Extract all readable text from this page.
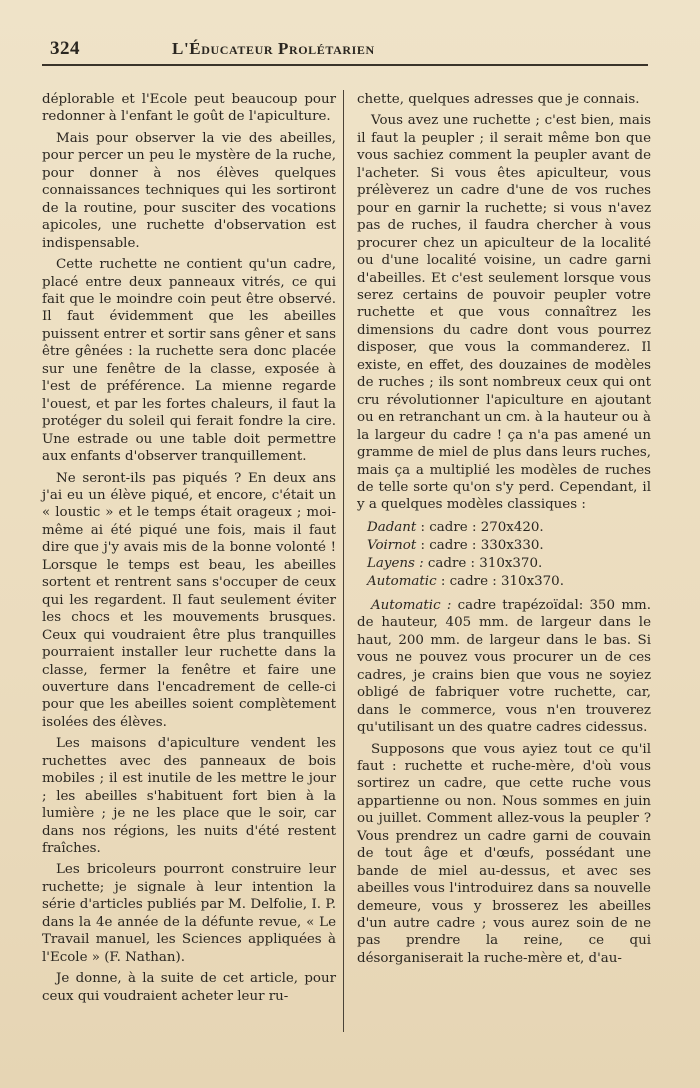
324	L'Éducateur Prolétarien

déplorable et l'Ecole peut beaucoup pour redonner à l'enfant le goût de l'apiculture.

Mais pour observer la vie des abeilles, pour percer un peu le mystère de la ruche, pour donner à nos élèves quelques connaissances techniques qui les sortiront de la routine, pour susciter des vocations apicoles, une ruchette d'observation est indispensable.

Cette ruchette ne contient qu'un cadre, placé entre deux panneaux vitrés, ce qui fait que le moindre coin peut être observé. Il faut évidemment que les abeilles puissent entrer et sortir sans gêner et sans être gênées : la ruchette sera donc placée sur une fenêtre de la classe, exposée à l'est de préférence. La mienne regarde l'ouest, et par les fortes chaleurs, il faut la protéger du soleil qui ferait fondre la cire. Une estrade ou une table doit permettre aux enfants d'observer tranquillement.

Ne seront-ils pas piqués ? En deux ans j'ai eu un élève piqué, et encore, c'était un « loustic » et le temps était orageux ; moi-même ai été piqué une fois, mais il faut dire que j'y avais mis de la bonne volonté ! Lorsque le temps est beau, les abeilles sortent et rentrent sans s'occuper de ceux qui les regardent. Il faut seulement éviter les chocs et les mouvements brusques. Ceux qui voudraient être plus tranquilles pourraient installer leur ruchette dans la classe, fermer la fenêtre et faire une ouverture dans l'encadrement de celle-ci pour que les abeilles soient complètement isolées des élèves.

Les maisons d'apiculture vendent les ruchettes avec des panneaux de bois mobiles ; il est inutile de les mettre le jour ; les abeilles s'habituent fort bien à la lumière ; je ne les place que le soir, car dans nos régions, les nuits d'été restent fraîches.

Les bricoleurs pourront construire leur ruchette; je signale à leur intention la série d'articles publiés par M. Delfolie, I. P. dans la 4e année de la défunte revue, « Le Travail manuel, les Sciences appliquées à l'Ecole » (F. Nathan).

Je donne, à la suite de cet article, pour ceux qui voudraient acheter leur ru-

chette, quelques adresses que je connais.

Vous avez une ruchette ; c'est bien, mais il faut la peupler ; il serait même bon que vous sachiez comment la peupler avant de l'acheter. Si vous êtes apiculteur, vous prélèverez un cadre d'une de vos ruches pour en garnir la ruchette; si vous n'avez pas de ruches, il faudra chercher à vous procurer chez un apiculteur de la localité ou d'une localité voisine, un cadre garni d'abeilles. Et c'est seulement lorsque vous serez certains de pouvoir peupler votre ruchette et que vous connaîtrez les dimensions du cadre dont vous pourrez disposer, que vous la commanderez. Il existe, en effet, des douzaines de modèles de ruches ; ils sont nombreux ceux qui ont cru révolutionner l'apiculture en ajoutant ou en retranchant un cm. à la hauteur ou à la largeur du cadre ! ça n'a pas amené un gramme de miel de plus dans leurs ruches, mais ça a multiplié les modèles de ruches de telle sorte qu'on s'y perd. Cependant, il y a quelques modèles classiques :

Dadant : cadre : 270x420.
Voirnot : cadre : 330x330.
Layens : cadre : 310x370.
Automatic : cadre : 310x370.

Automatic : cadre trapézoïdal: 350 mm. de hauteur, 405 mm. de largeur dans le haut, 200 mm. de largeur dans le bas. Si vous ne pouvez vous procurer un de ces cadres, je crains bien que vous ne soyiez obligé de fabriquer votre ruchette, car, dans le commerce, vous n'en trouverez qu'utilisant un des quatre cadres cidessus.

Supposons que vous ayiez tout ce qu'il faut : ruchette et ruche-mère, d'où vous sortirez un cadre, que cette ruche vous appartienne ou non. Nous sommes en juin ou juillet. Comment allez-vous la peupler ? Vous prendrez un cadre garni de couvain de tout âge et d'œufs, possédant une bande de miel au-dessus, et avec ses abeilles vous l'introduirez dans sa nouvelle demeure, vous y brosserez les abeilles d'un autre cadre ; vous aurez soin de ne pas prendre la reine, ce qui désorganiserait la ruche-mère et, d'au-
